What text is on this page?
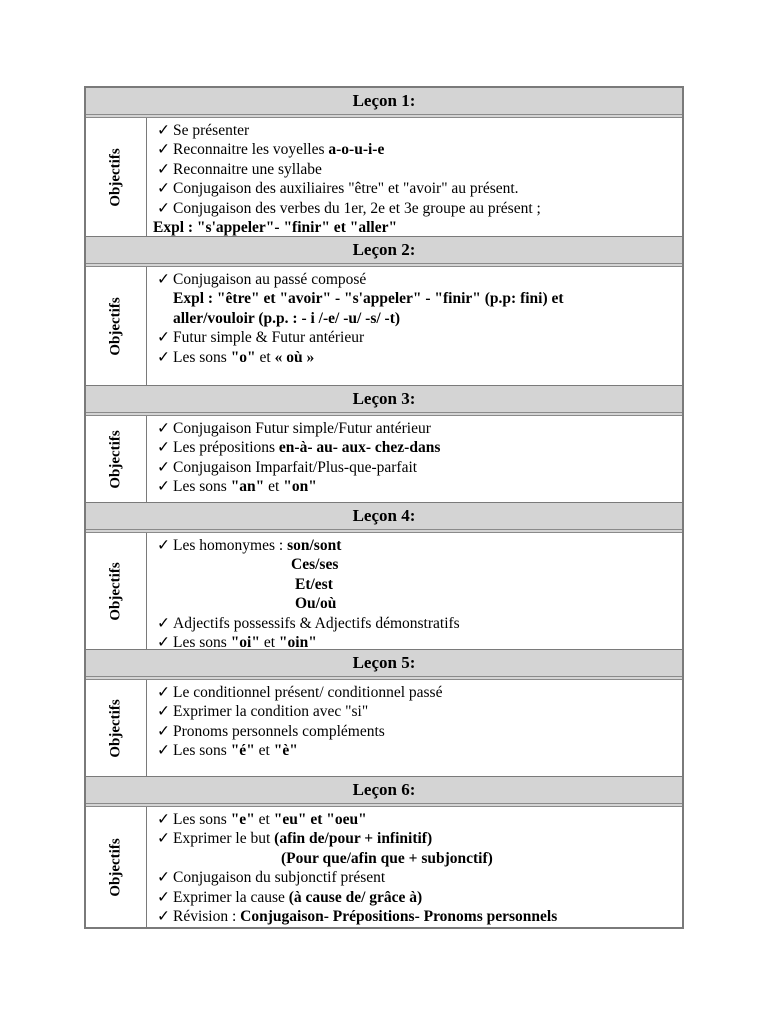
Leçon 1:
Objectifs
✓ Se présenter
✓ Reconnaitre les voyelles a-o-u-i-e
✓ Reconnaitre une syllabe
✓ Conjugaison des auxiliaires "être" et "avoir" au présent.
✓ Conjugaison des verbes du 1er, 2e et 3e groupe au présent ;
Expl : "s'appeler"- "finir" et "aller"
Leçon 2:
Objectifs
✓ Conjugaison au passé composé
Expl : "être" et "avoir" - "s'appeler" - "finir" (p.p: fini) et
aller/vouloir (p.p. : - i /-e/ -u/ -s/ -t)
✓ Futur simple & Futur antérieur
✓ Les sons "o" et « où »
Leçon 3:
Objectifs
✓ Conjugaison Futur simple/Futur antérieur
✓ Les prépositions en-à- au- aux- chez-dans
✓ Conjugaison Imparfait/Plus-que-parfait
✓ Les sons "an" et "on"
Leçon 4:
Objectifs
✓ Les homonymes : son/sont
Ces/ses
Et/est
Ou/où
✓ Adjectifs possessifs & Adjectifs démonstratifs
✓ Les sons "oi" et "oin"
Leçon 5:
Objectifs
✓ Le conditionnel présent/ conditionnel passé
✓ Exprimer la condition avec "si"
✓ Pronoms personnels compléments
✓ Les sons "é" et "è"
Leçon 6:
Objectifs
✓ Les sons "e" et "eu" et "oeu"
✓ Exprimer le but (afin de/pour + infinitif)
(Pour que/afin que + subjonctif)
✓ Conjugaison du subjonctif présent
✓ Exprimer la cause (à cause de/ grâce à)
✓ Révision : Conjugaison- Prépositions- Pronoms personnels
